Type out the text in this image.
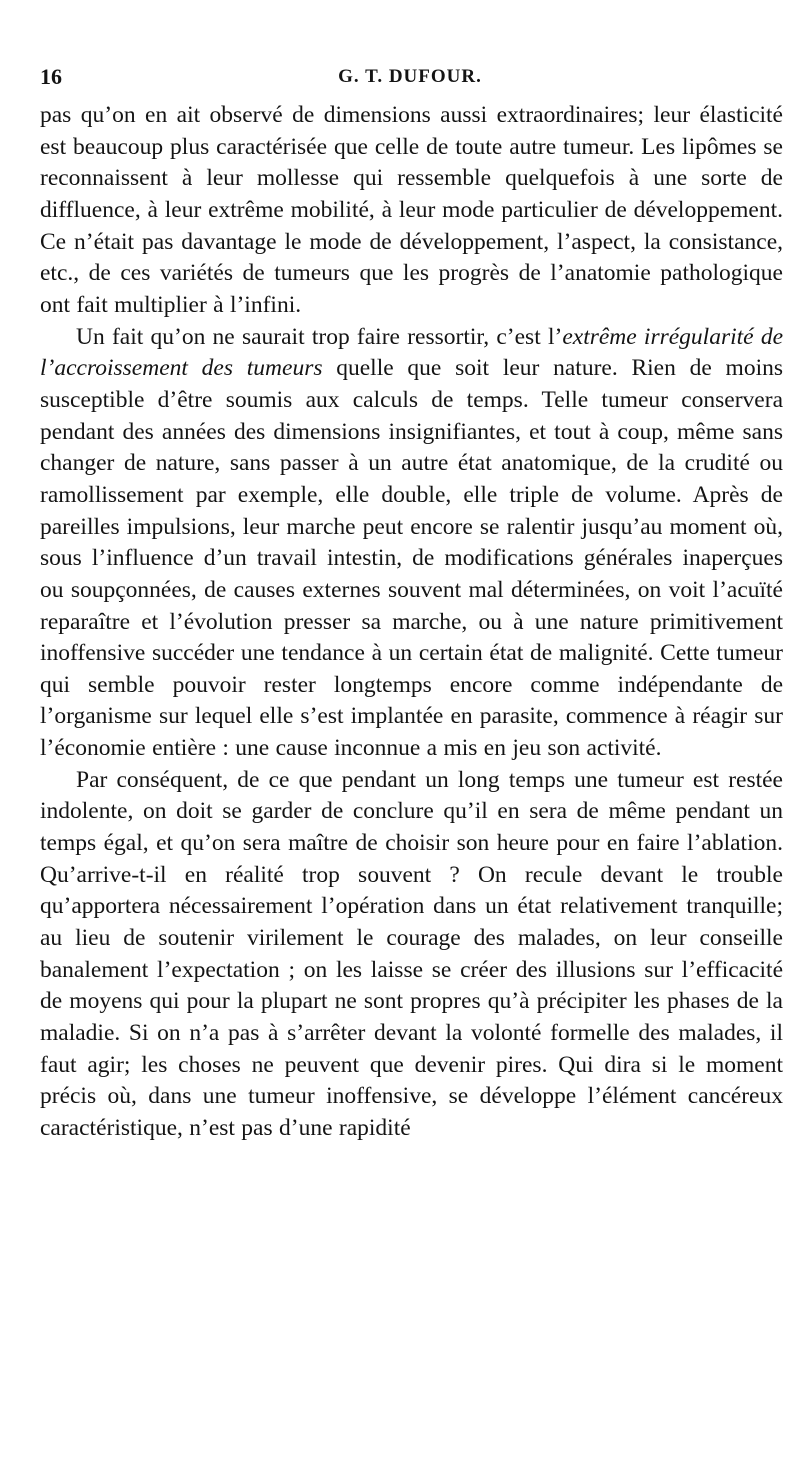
16	G. T. DUFOUR.

pas qu’on en ait observé de dimensions aussi extraordinaires; leur élasticité est beaucoup plus caractérisée que celle de toute autre tumeur. Les lipômes se reconnaissent à leur mollesse qui ressemble quelquefois à une sorte de diffluence, à leur extrême mobilité, à leur mode particulier de développement. Ce n’était pas davantage le mode de développement, l’aspect, la consistance, etc., de ces variétés de tumeurs que les progrès de l’anatomie pathologique ont fait multiplier à l’infini.

Un fait qu’on ne saurait trop faire ressortir, c’est l’extrême irrégularité de l’accroissement des tumeurs quelle que soit leur nature. Rien de moins susceptible d’être soumis aux calculs de temps. Telle tumeur conservera pendant des années des dimensions insignifiantes, et tout à coup, même sans changer de nature, sans passer à un autre état anatomique, de la crudité ou ramollissement par exemple, elle double, elle triple de volume. Après de pareilles impulsions, leur marche peut encore se ralentir jusqu’au moment où, sous l’influence d’un travail intestin, de modifications générales inaperçues ou soupçonnées, de causes externes souvent mal déterminées, on voit l’acuïté reparaître et l’évolution presser sa marche, ou à une nature primitivement inoffensive succéder une tendance à un certain état de malignité. Cette tumeur qui semble pouvoir rester longtemps encore comme indépendante de l’organisme sur lequel elle s’est implantée en parasite, commence à réagir sur l’économie entière : une cause inconnue a mis en jeu son activité.

Par conséquent, de ce que pendant un long temps une tumeur est restée indolente, on doit se garder de conclure qu’il en sera de même pendant un temps égal, et qu’on sera maître de choisir son heure pour en faire l’ablation. Qu’arrive-t-il en réalité trop souvent ? On recule devant le trouble qu’apportera nécessairement l’opération dans un état relativement tranquille; au lieu de soutenir virilement le courage des malades, on leur conseille banalement l’expectation ; on les laisse se créer des illusions sur l’efficacité de moyens qui pour la plupart ne sont propres qu’à précipiter les phases de la maladie. Si on n’a pas à s’arrêter devant la volonté formelle des malades, il faut agir; les choses ne peuvent que devenir pires. Qui dira si le moment précis où, dans une tumeur inoffensive, se développe l’élément cancéreux caractéristique, n’est pas d’une rapidité
